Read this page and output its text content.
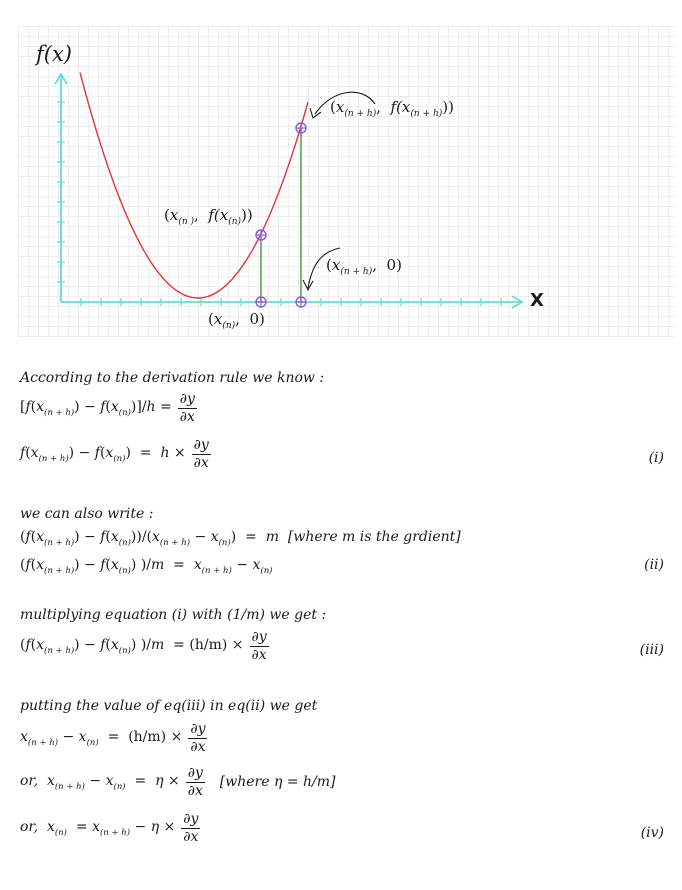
f(x)
X
($x_{(n + h)}$,  $f(x_{(n + h)})$)
($x_{(n )}$,  $f(x_{(n)})$)
($x_{(n + h)}$,  0)
($x_{(n)}$,  0)
According to the derivation rule we know :
$[f(x_{(n + h)}) - f(x_{(n)})]/h = \frac{\partial y}{\partial x}$
$f(x_{(n + h)}) - f(x_{(n)}) = h \times \frac{\partial y}{\partial x}$	(i)
we can also write :
$(f(x_{(n + h)}) - f(x_{(n)}))/(x_{(n + h)} - x_{(n)}) = m$ [where m is the grdient]
$(f(x_{(n + h)}) - f(x_{(n)}) )/m = x_{(n + h)} - x_{(n)}$	(ii)
multiplying equation (i) with (1/m) we get :
$(f(x_{(n + h)}) - f(x_{(n)}) )/m = (h/m) \times \frac{\partial y}{\partial x}$	(iii)
putting the value of eq(iii) in eq(ii) we get
$x_{(n + h)} - x_{(n)} = (h/m) \times \frac{\partial y}{\partial x}$
or, $x_{(n + h)} - x_{(n)} = \eta \times \frac{\partial y}{\partial x}$	[where η = h/m]
or, $x_{(n)} = x_{(n + h)} - \eta \times \frac{\partial y}{\partial x}$	(iv)
